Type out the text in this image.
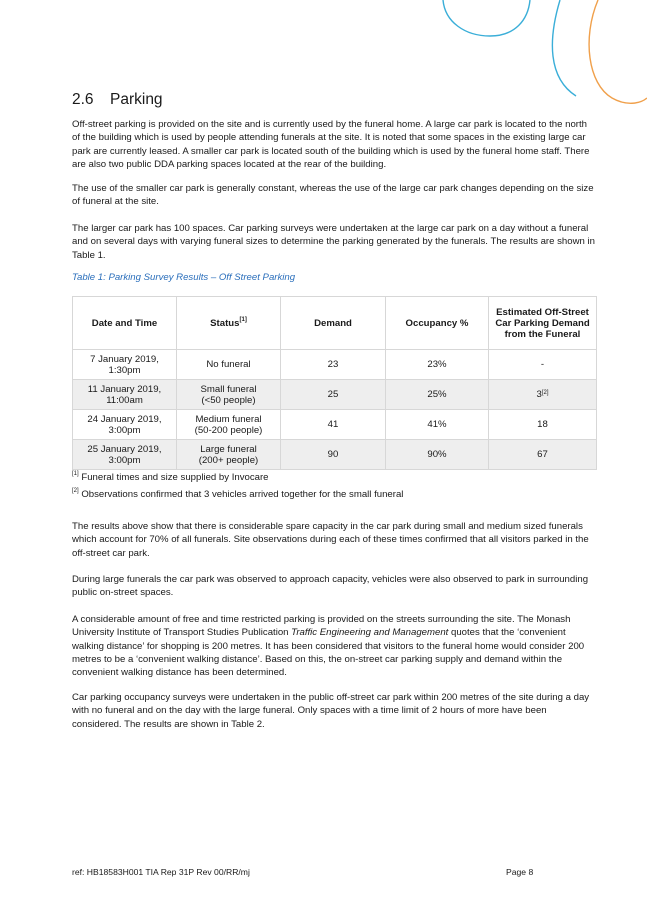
2.6 Parking

Off-street parking is provided on the site and is currently used by the funeral home. A large car park is located to the north of the building which is used by people attending funerals at the site. It is noted that some spaces in the existing large car park are currently leased. A smaller car park is located south of the building which is used by the funeral home staff. There are also two public DDA parking spaces located at the rear of the building.

The use of the smaller car park is generally constant, whereas the use of the large car park changes depending on the size of funeral at the site.

The larger car park has 100 spaces. Car parking surveys were undertaken at the large car park on a day without a funeral and on several days with varying funeral sizes to determine the parking generated by the funerals. The results are shown in Table 1.

Table 1: Parking Survey Results – Off Street Parking

Date and Time	Status[1]	Demand	Occupancy %	Estimated Off-Street Car Parking Demand from the Funeral
7 January 2019,
1:30pm	No funeral	23	23%	-
11 January 2019,
11:00am	Small funeral
(<50 people)	25	25%	3[2]
24 January 2019,
3:00pm	Medium funeral
(50-200 people)	41	41%	18
25 January 2019,
3:00pm	Large funeral
(200+ people)	90	90%	67

[1] Funeral times and size supplied by Invocare

[2] Observations confirmed that 3 vehicles arrived together for the small funeral

The results above show that there is considerable spare capacity in the car park during small and medium sized funerals which account for 70% of all funerals. Site observations during each of these times confirmed that all visitors parked in the off-street car park.

During large funerals the car park was observed to approach capacity, vehicles were also observed to park in surrounding public on-street spaces.

A considerable amount of free and time restricted parking is provided on the streets surrounding the site. The Monash University Institute of Transport Studies Publication Traffic Engineering and Management quotes that the ‘convenient walking distance’ for shopping is 200 metres. It has been considered that visitors to the funeral home would consider 200 metres to be a ‘convenient walking distance’. Based on this, the on-street car parking supply and demand within the convenient walking distance has been determined.

Car parking occupancy surveys were undertaken in the public off-street car park within 200 metres of the site during a day with no funeral and on the day with the large funeral. Only spaces with a time limit of 2 hours of more have been considered. The results are shown in Table 2.

ref: HB18583H001 TIA Rep 31P Rev 00/RR/mj	Page 8
